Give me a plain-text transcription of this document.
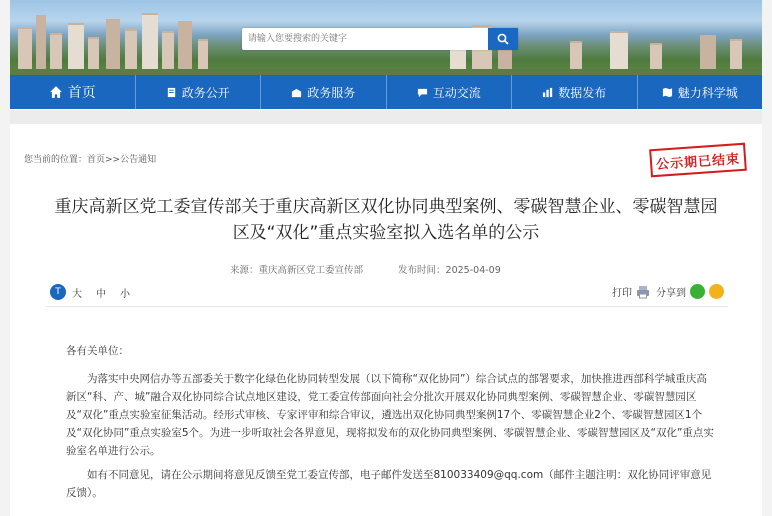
请输入您要搜索的关键字
首页	政务公开	政务服务	互动交流	数据发布	魅力科学城
您当前的位置：首页>>公告通知	公示期已结束
重庆高新区党工委宣传部关于重庆高新区双化协同典型案例、零碳智慧企业、零碳智慧园
区及“双化”重点实验室拟入选名单的公示
来源：重庆高新区党工委宣传部	发布时间：2025-04-09
T	大 中 小	打印 分享到

各有关单位：

为落实中央网信办等五部委关于数字化绿色化协同转型发展（以下简称“双化协同”）综合试点的部署要求，加快推进西部科学城重庆高新区“科、产、城”融合双化协同综合试点地区建设，党工委宣传部面向社会分批次开展双化协同典型案例、零碳智慧企业、零碳智慧园区及“双化”重点实验室征集活动。经形式审核、专家评审和综合审议，遴选出双化协同典型案例17个、零碳智慧企业2个、零碳智慧园区1个及“双化协同”重点实验室5个。为进一步听取社会各界意见，现将拟发布的双化协同典型案例、零碳智慧企业、零碳智慧园区及“双化”重点实验室名单进行公示。

如有不同意见，请在公示期间将意见反馈至党工委宣传部，电子邮件发送至810033409@qq.com（邮件主题注明：双化协同评审意见反馈）。
